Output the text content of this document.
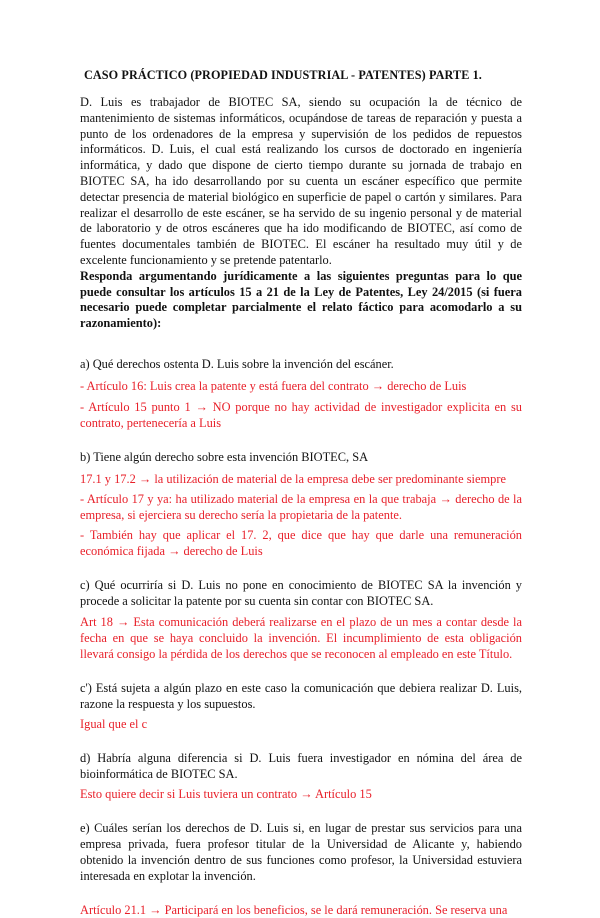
CASO PRÁCTICO (PROPIEDAD INDUSTRIAL - PATENTES) PARTE 1.

D. Luis es trabajador de BIOTEC SA, siendo su ocupación la de técnico de mantenimiento de sistemas informáticos, ocupándose de tareas de reparación y puesta a punto de los ordenadores de la empresa y supervisión de los pedidos de repuestos informáticos. D. Luis, el cual está realizando los cursos de doctorado en ingeniería informática, y dado que dispone de cierto tiempo durante su jornada de trabajo en BIOTEC SA, ha ido desarrollando por su cuenta un escáner específico que permite detectar presencia de material biológico en superficie de papel o cartón y similares. Para realizar el desarrollo de este escáner, se ha servido de su ingenio personal y de material de laboratorio y de otros escáneres que ha ido modificando de BIOTEC, así como de fuentes documentales también de BIOTEC. El escáner ha resultado muy útil y de excelente funcionamiento y se pretende patentarlo.

Responda argumentando jurídicamente a las siguientes preguntas para lo que puede consultar los artículos 15 a 21 de la Ley de Patentes, Ley 24/2015 (si fuera necesario puede completar parcialmente el relato fáctico para acomodarlo a su razonamiento):

a) Qué derechos ostenta D. Luis sobre la invención del escáner.

- Artículo 16: Luis crea la patente y está fuera del contrato → derecho de Luis

- Artículo 15 punto 1 → NO porque no hay actividad de investigador explicita en su contrato, pertenecería a Luis

b) Tiene algún derecho sobre esta invención BIOTEC, SA

17.1 y 17.2 → la utilización de material de la empresa debe ser predominante siempre

- Artículo 17 y ya: ha utilizado material de la empresa en la que trabaja → derecho de la empresa, si ejerciera su derecho sería la propietaria de la patente.

- También hay que aplicar el 17. 2, que dice que hay que darle una remuneración económica fijada → derecho de Luis

c) Qué ocurriría si D. Luis no pone en conocimiento de BIOTEC SA la invención y procede a solicitar la patente por su cuenta sin contar con BIOTEC SA.

Art 18 → Esta comunicación deberá realizarse en el plazo de un mes a contar desde la fecha en que se haya concluido la invención. El incumplimiento de esta obligación llevará consigo la pérdida de los derechos que se reconocen al empleado en este Título.

c') Está sujeta a algún plazo en este caso la comunicación que debiera realizar D. Luis, razone la respuesta y los supuestos.

Igual que el c

d) Habría alguna diferencia si D. Luis fuera investigador en nómina del área de bioinformática de BIOTEC SA.

Esto quiere decir si Luis tuviera un contrato → Artículo 15

e) Cuáles serían los derechos de D. Luis si, en lugar de prestar sus servicios para una empresa privada, fuera profesor titular de la Universidad de Alicante y, habiendo obtenido la invención dentro de sus funciones como profesor, la Universidad estuviera interesada en explotar la invención.

Artículo 21.1 → Participará en los beneficios, se le dará remuneración. Se reserva una
